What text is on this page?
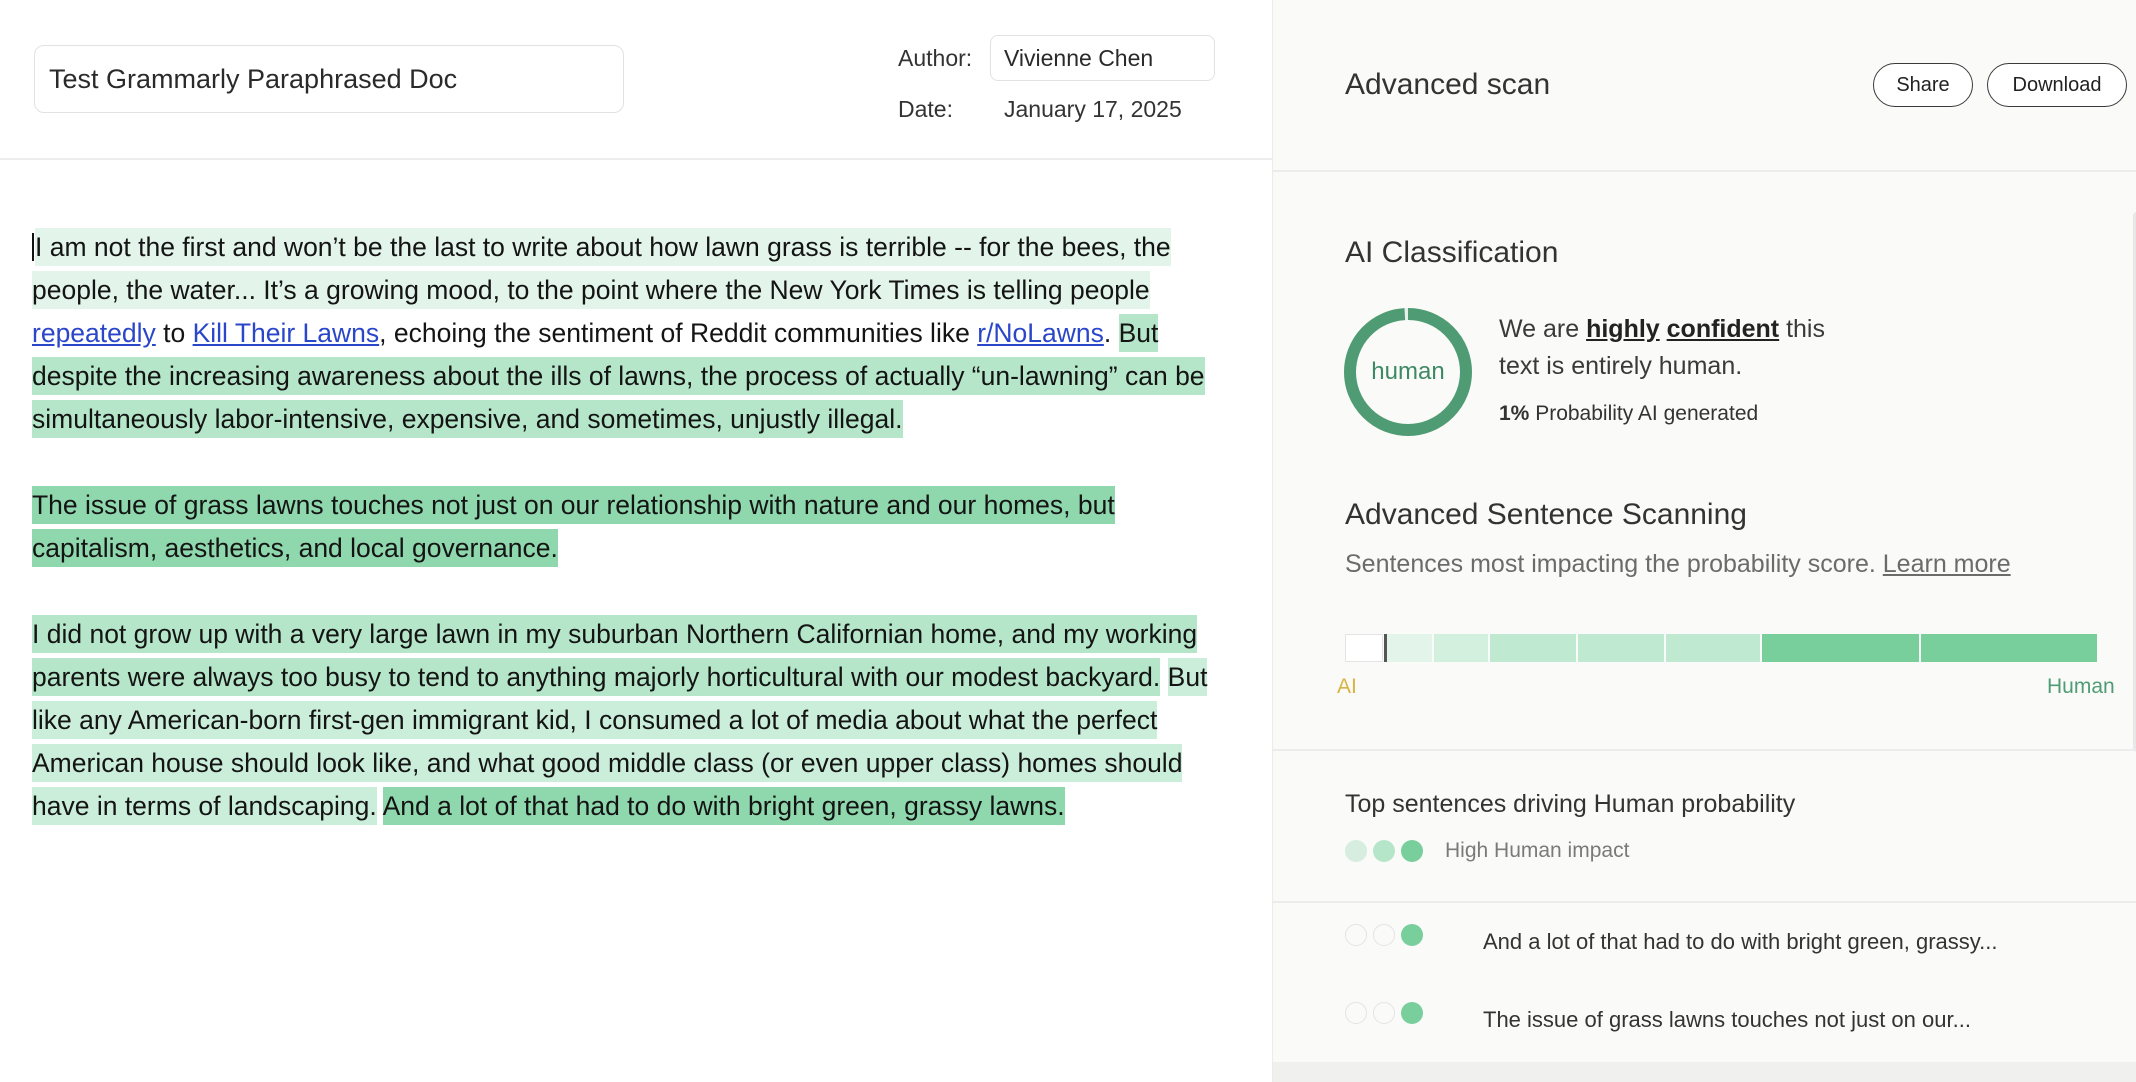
Test Grammarly Paraphrased Doc
Author:
Vivienne Chen
Date: January 17, 2025

I am not the first and won’t be the last to write about how lawn grass is terrible -- for the bees, the people, the water... It’s a growing mood, to the point where the New York Times is telling people repeatedly to Kill Their Lawns, echoing the sentiment of Reddit communities like r/NoLawns. But despite the increasing awareness about the ills of lawns, the process of actually “un-lawning” can be simultaneously labor-intensive, expensive, and sometimes, unjustly illegal.

The issue of grass lawns touches not just on our relationship with nature and our homes, but capitalism, aesthetics, and local governance.

I did not grow up with a very large lawn in my suburban Northern Californian home, and my working parents were always too busy to tend to anything majorly horticultural with our modest backyard. But like any American-born first-gen immigrant kid, I consumed a lot of media about what the perfect American house should look like, and what good middle class (or even upper class) homes should have in terms of landscaping. And a lot of that had to do with bright green, grassy lawns.

Advanced scan	Share	Download
AI Classification
human
We are highly confident this text is entirely human.
1% Probability AI generated
Advanced Sentence Scanning
Sentences most impacting the probability score. Learn more
AI	Human
Top sentences driving Human probability
High Human impact
And a lot of that had to do with bright green, grassy...
The issue of grass lawns touches not just on our...
